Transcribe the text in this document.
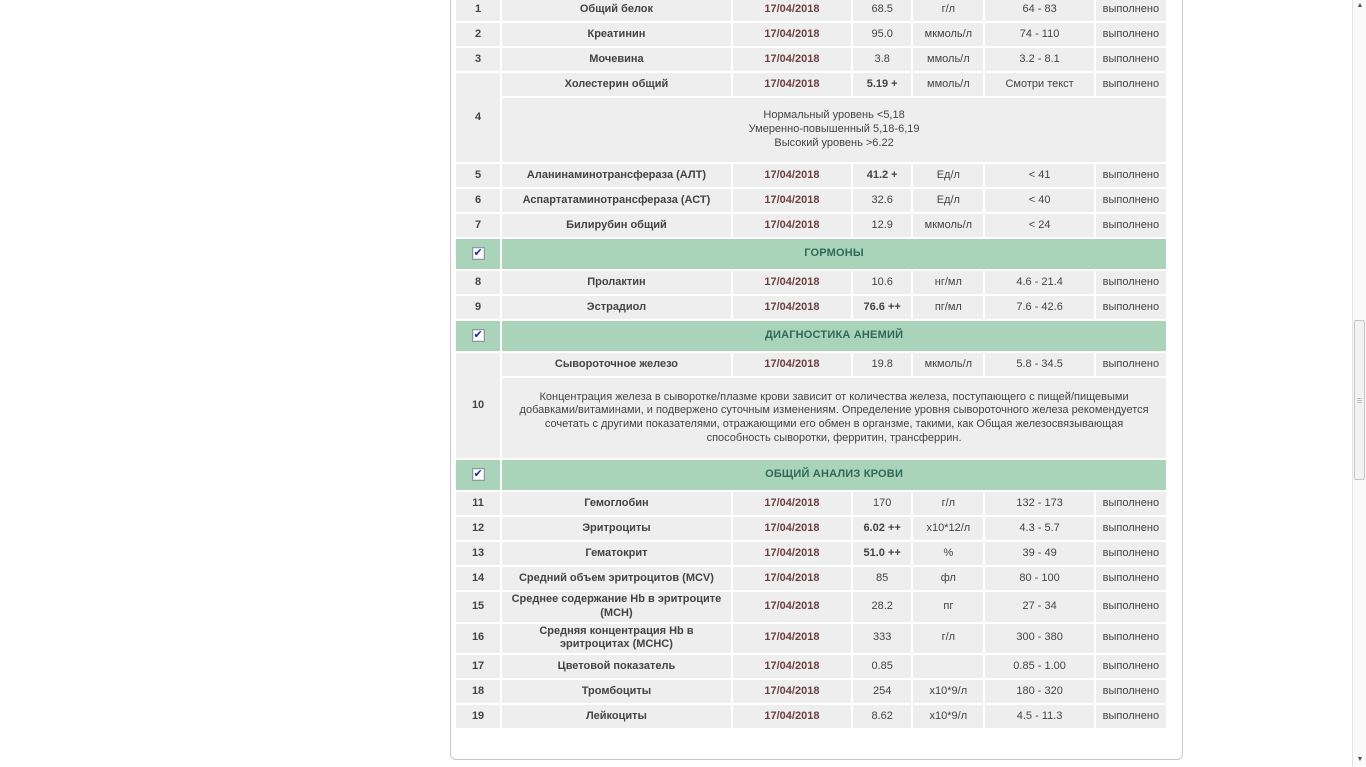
1	Общий белок	17/04/2018	68.5	г/л	64 - 83	выполнено
2	Креатинин	17/04/2018	95.0	мкмоль/л	74 - 110	выполнено
3	Мочевина	17/04/2018	3.8	ммоль/л	3.2 - 8.1	выполнено
4	Холестерин общий	17/04/2018	5.19 +	ммоль/л	Смотри текст	выполнено

	Нормальный уровень <5,18
Умеренно-повышенный 5,18-6,19
Высокий уровень >6.22					

5	Аланинаминотрансфераза (АЛТ)	17/04/2018	41.2 +	Ед/л	< 41	выполнено
6	Аспартатаминотрансфераза (АСТ)	17/04/2018	32.6	Ед/л	< 40	выполнено
7	Билирубин общий	17/04/2018	12.9	мкмоль/л	< 24	выполнено
✔	ГОРМОНЫ					
8	Пролактин	17/04/2018	10.6	нг/мл	4.6 - 21.4	выполнено
9	Эстрадиол	17/04/2018	76.6 ++	пг/мл	7.6 - 42.6	выполнено
✔	ДИАГНОСТИКА АНЕМИЙ					
10	Сывороточное железо	17/04/2018	19.8	мкмоль/л	5.8 - 34.5	выполнено

	Концентрация железа в сыворотке/плазме крови зависит от количества железа, поступающего с пищей/пищевыми добавками/витаминами, и подвержено суточным изменениям. Определение уровня сывороточного железа рекомендуется сочетать с другими показателями, отражающими его обмен в органзме, такими, как Общая железосвязывающая способность сыворотки, ферритин, трансферрин.					

✔	ОБЩИЙ АНАЛИЗ КРОВИ					
11	Гемоглобин	17/04/2018	170	г/л	132 - 173	выполнено
12	Эритроциты	17/04/2018	6.02 ++	х10*12/л	4.3 - 5.7	выполнено
13	Гематокрит	17/04/2018	51.0 ++	%	39 - 49	выполнено
14	Средний объем эритроцитов (MCV)	17/04/2018	85	фл	80 - 100	выполнено
15	Среднее содержание Hb в эритроците (MCH)	17/04/2018	28.2	пг	27 - 34	выполнено
16	Средняя концентрация Hb в эритроцитах (MCHC)	17/04/2018	333	г/л	300 - 380	выполнено
17	Цветовой показатель	17/04/2018	0.85		0.85 - 1.00	выполнено
18	Тромбоциты	17/04/2018	254	х10*9/л	180 - 320	выполнено
19	Лейкоциты	17/04/2018	8.62	х10*9/л	4.5 - 11.3	выполнено
▲
▼
